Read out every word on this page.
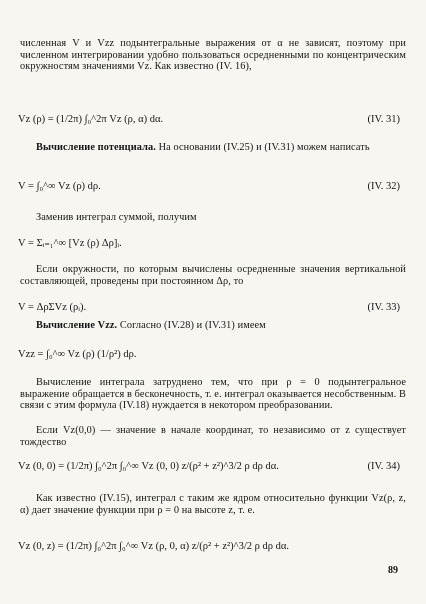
численная V и Vzz подынтегральные выражения от α не зависят, поэтому при численном интегрировании удобно пользоваться осредненными по концентрическим окружностям значениями Vz. Как известно (IV. 16),

Vz (ρ) = (1/2π) ∫₀^2π Vz (ρ, α) dα.	(IV. 31)

Вычисление потенциала. На основании (IV.25) и (IV.31) можем написать

V = ∫₀^∞ Vz (ρ) dρ.	(IV. 32)

Заменив интеграл суммой, получим

V = Σᵢ₌₁^∞ [Vz (ρ) Δρ]ᵢ.

Если окружности, по которым вычислены осредненные значения вертикальной составляющей, проведены при постоянном Δρ, то

V = ΔρΣVz (ρᵢ).	(IV. 33)

Вычисление Vzz. Согласно (IV.28) и (IV.31) имеем

Vzz = ∫₀^∞ Vz (ρ) (1/ρ²) dρ.

Вычисление интеграла затруднено тем, что при ρ = 0 подынтегральное выражение обращается в бесконечность, т. е. интеграл оказывается несобственным. В связи с этим формула (IV.18) нуждается в некотором преобразовании.

Если Vz(0,0) — значение в начале координат, то независимо от z существует тождество

Vz (0, 0) = (1/2π) ∫₀^2π ∫₀^∞ Vz (0, 0) z/(ρ² + z²)^3/2 ρ dρ dα.	(IV. 34)

Как известно (IV.15), интеграл с таким же ядром относительно функции Vz(ρ, z, α) дает значение функции при ρ = 0 на высоте z, т. е.

Vz (0, z) = (1/2π) ∫₀^2π ∫₀^∞ Vz (ρ, 0, α) z/(ρ² + z²)^3/2 ρ dρ dα.
89
